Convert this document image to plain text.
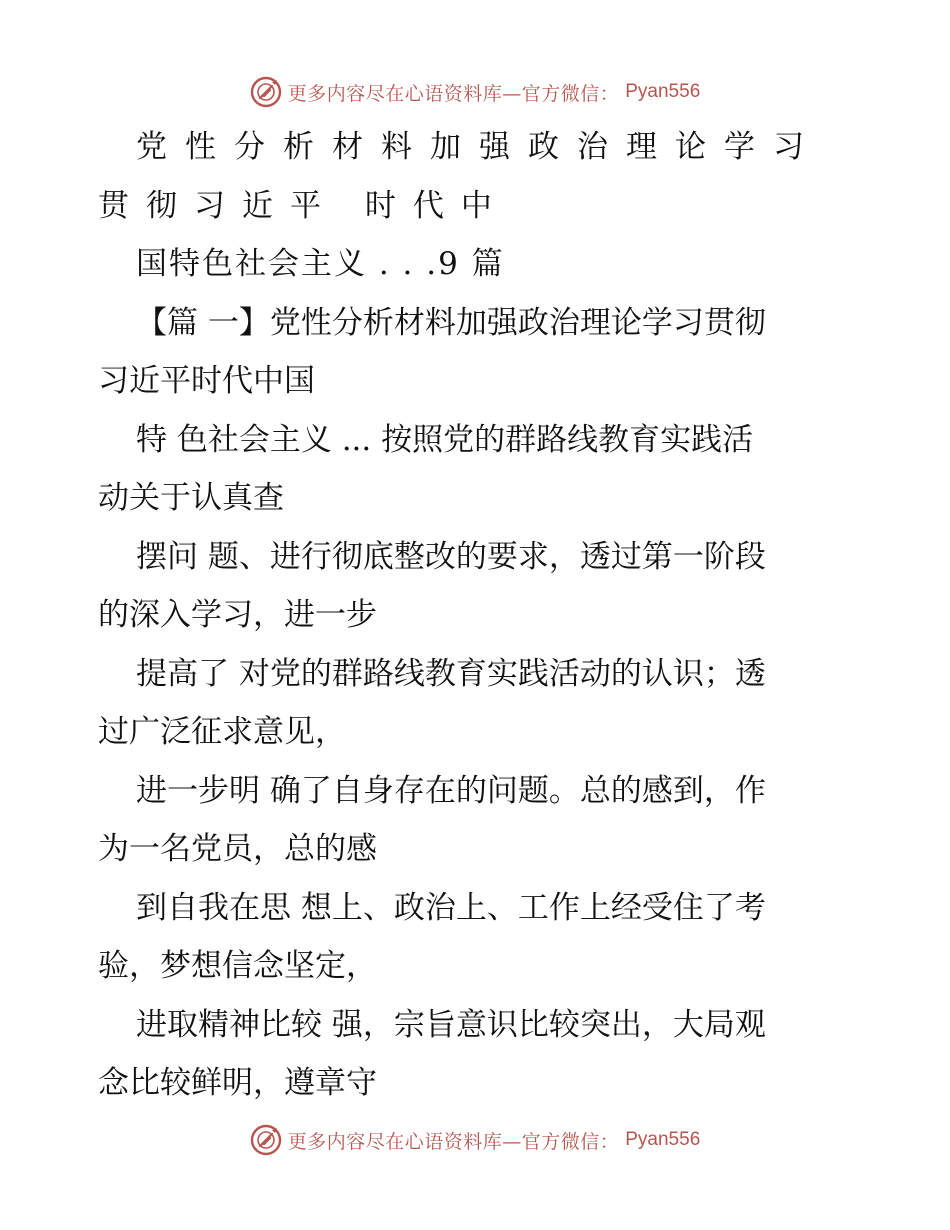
更多内容尽在心语资料库—官方微信： Pyan556
党性分析材料加强政治理论学习
贯彻习近平 时代中
国特色社会主义 . . .9 篇
【篇 一】党性分析材料加强政治理论学习贯彻
习近平时代中国
特 色社会主义 ... 按照党的群路线教育实践活
动关于认真查
摆问 题、进行彻底整改的要求，透过第一阶段
的深入学习，进一步
提高了 对党的群路线教育实践活动的认识；透
过广泛征求意见，
进一步明 确了自身存在的问题。总的感到，作
为一名党员，总的感
到自我在思 想上、政治上、工作上经受住了考
验，梦想信念坚定，
进取精神比较 强，宗旨意识比较突出，大局观
念比较鲜明，遵章守
更多内容尽在心语资料库—官方微信： Pyan556
